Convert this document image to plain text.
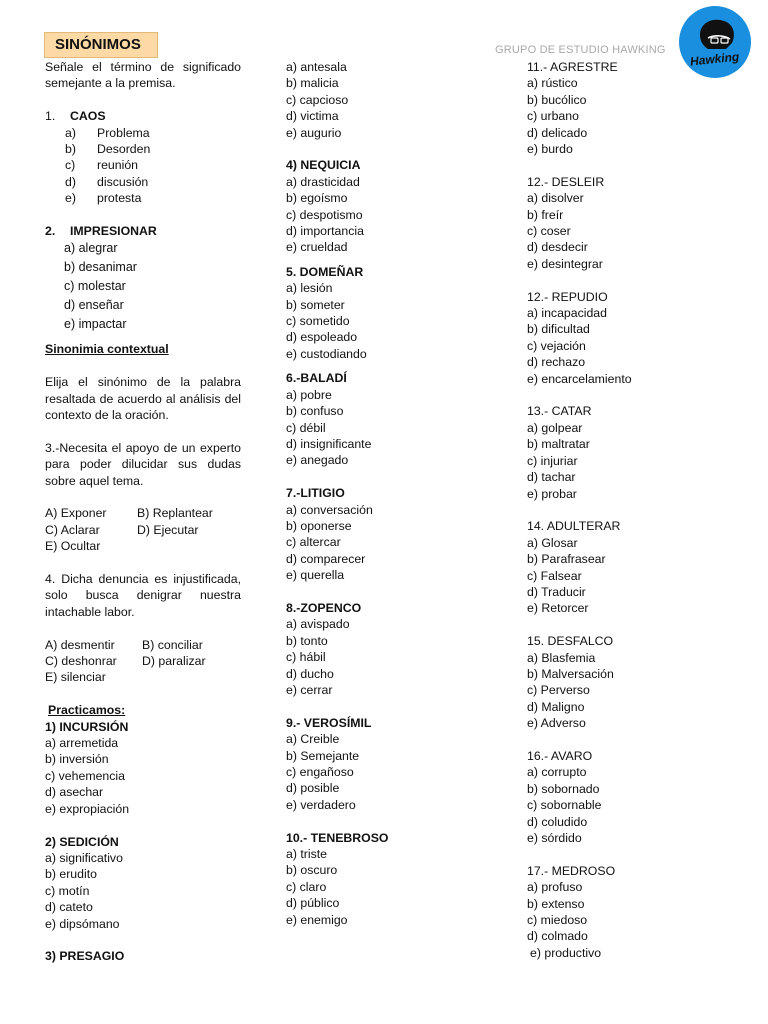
SINÓNIMOS	GRUPO DE ESTUDIO HAWKING Hawking
Señale el término de significado semejante a la premisa.
1. CAOS
a)	Problema
b)	Desorden
c)	reunión
d)	discusión
e)	protesta
2. IMPRESIONAR
a) alegrar
b) desanimar
c) molestar
d) enseñar
e) impactar
Sinonimia contextual
Elija el sinónimo de la palabra resaltada de acuerdo al análisis del contexto de la oración.
3.-Necesita el apoyo de un experto para poder dilucidar sus dudas sobre aquel tema.
A) Exponer	B) Replantear
C) Aclarar	D) Ejecutar
E) Ocultar
4. Dicha denuncia es injustificada, solo busca denigrar nuestra intachable labor.
A) desmentir	B) conciliar
C) deshonrar	D) paralizar
E) silenciar
Practicamos:
1) INCURSIÓN
a) arremetida
b) inversión
c) vehemencia
d) asechar
e) expropiación
2) SEDICIÓN
a) significativo
b) erudito
c) motín
d) cateto
e) dipsómano
3) PRESAGIO
a) antesala
b) malicia
c) capcioso
d) victima
e) augurio
4) NEQUICIA
a) drasticidad
b) egoísmo
c) despotismo
d) importancia
e) crueldad
5. DOMEÑAR
a) lesión
b) someter
c) sometido
d) espoleado
e) custodiando
6.-BALADÍ
a) pobre
b) confuso
c) débil
d) insignificante
e) anegado
7.-LITIGIO
a) conversación
b) oponerse
c) altercar
d) comparecer
e) querella
8.-ZOPENCO
a) avispado
b) tonto
c) hábil
d) ducho
e) cerrar
9.- VEROSÍMIL
a) Creible
b) Semejante
c) engañoso
d) posible
e) verdadero
10.- TENEBROSO
a) triste
b) oscuro
c) claro
d) público
e) enemigo
11.- AGRESTRE
a) rústico
b) bucólico
c) urbano
d) delicado
e) burdo
12.- DESLEIR
a) disolver
b) freír
c) coser
d) desdecir
e) desintegrar
12.- REPUDIO
a) incapacidad
b) dificultad
c) vejación
d) rechazo
e) encarcelamiento
13.- CATAR
a) golpear
b) maltratar
c) injuriar
d) tachar
e) probar
14. ADULTERAR
a) Glosar
b) Parafrasear
c) Falsear
d) Traducir
e) Retorcer
15. DESFALCO
a) Blasfemia
b) Malversación
c) Perverso
d) Maligno
e) Adverso
16.- AVARO
a) corrupto
b) sobornado
c) sobornable
d) coludido
e) sórdido
17.- MEDROSO
a) profuso
b) extenso
c) miedoso
d) colmado
e) productivo
